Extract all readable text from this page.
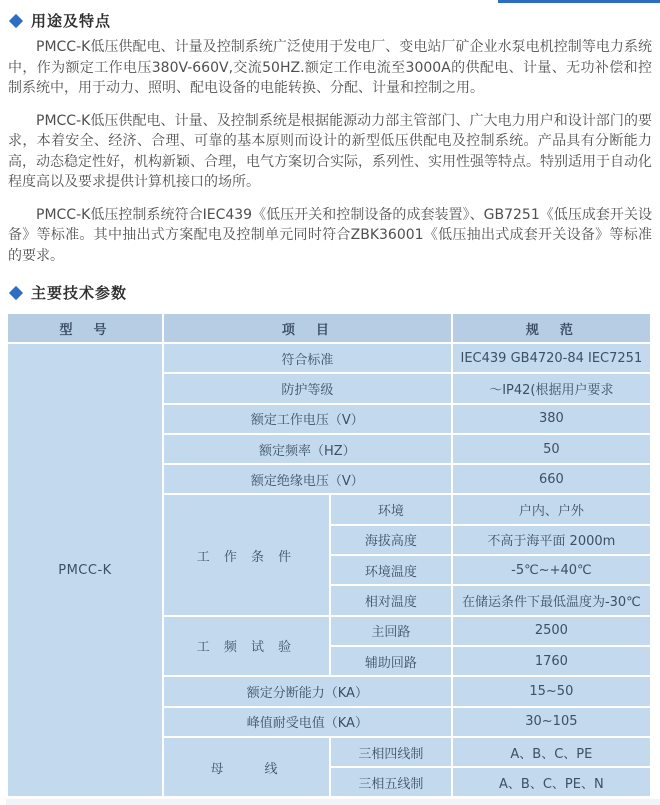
用途及特点

PMCC-K低压供配电、计量及控制系统广泛使用于发电厂、变电站厂矿企业水泵电机控制等电力系统中，作为额定工作电压380V-660V,交流50HZ.额定工作电流至3000A的供配电、计量、无功补偿和控制系统中，用于动力、照明、配电设备的电能转换、分配、计量和控制之用。

PMCC-K低压供配电、计量、及控制系统是根据能源动力部主管部门、广大电力用户和设计部门的要求，本着安全、经济、合理、可靠的基本原则而设计的新型低压供配电及控制系统。产品具有分断能力高，动态稳定性好，机构新颖、合理，电气方案切合实际，系列性、实用性强等特点。特别适用于自动化程度高以及要求提供计算机接口的场所。

PMCC-K低压控制系统符合IEC439《低压开关和控制设备的成套装置》、GB7251《低压成套开关设备》等标准。其中抽出式方案配电及控制单元同时符合ZBK36001《低压抽出式成套开关设备》等标准的要求。

主要技术参数
型　号	项　目		规　范
PMCC-K	符合标准		IEC439 GB4720-84 IEC7251
	防护等级		～IP42(根据用户要求
	额定工作电压（V）		380
	额定频率（HZ）		50
	额定绝缘电压（V）		660
	工 作 条 件	环境	户内、户外
		海拔高度	不高于海平面 2000m
		环境温度	-5℃~+40℃
		相对温度	在储运条件下最低温度为-30℃
	工 频 试 验	主回路	2500
		辅助回路	1760
	额定分断能力（KA）		15~50
	峰值耐受电值（KA）		30~105
	母　　线	三相四线制	A、B、C、PE
		三相五线制	A、B、C、PE、N
